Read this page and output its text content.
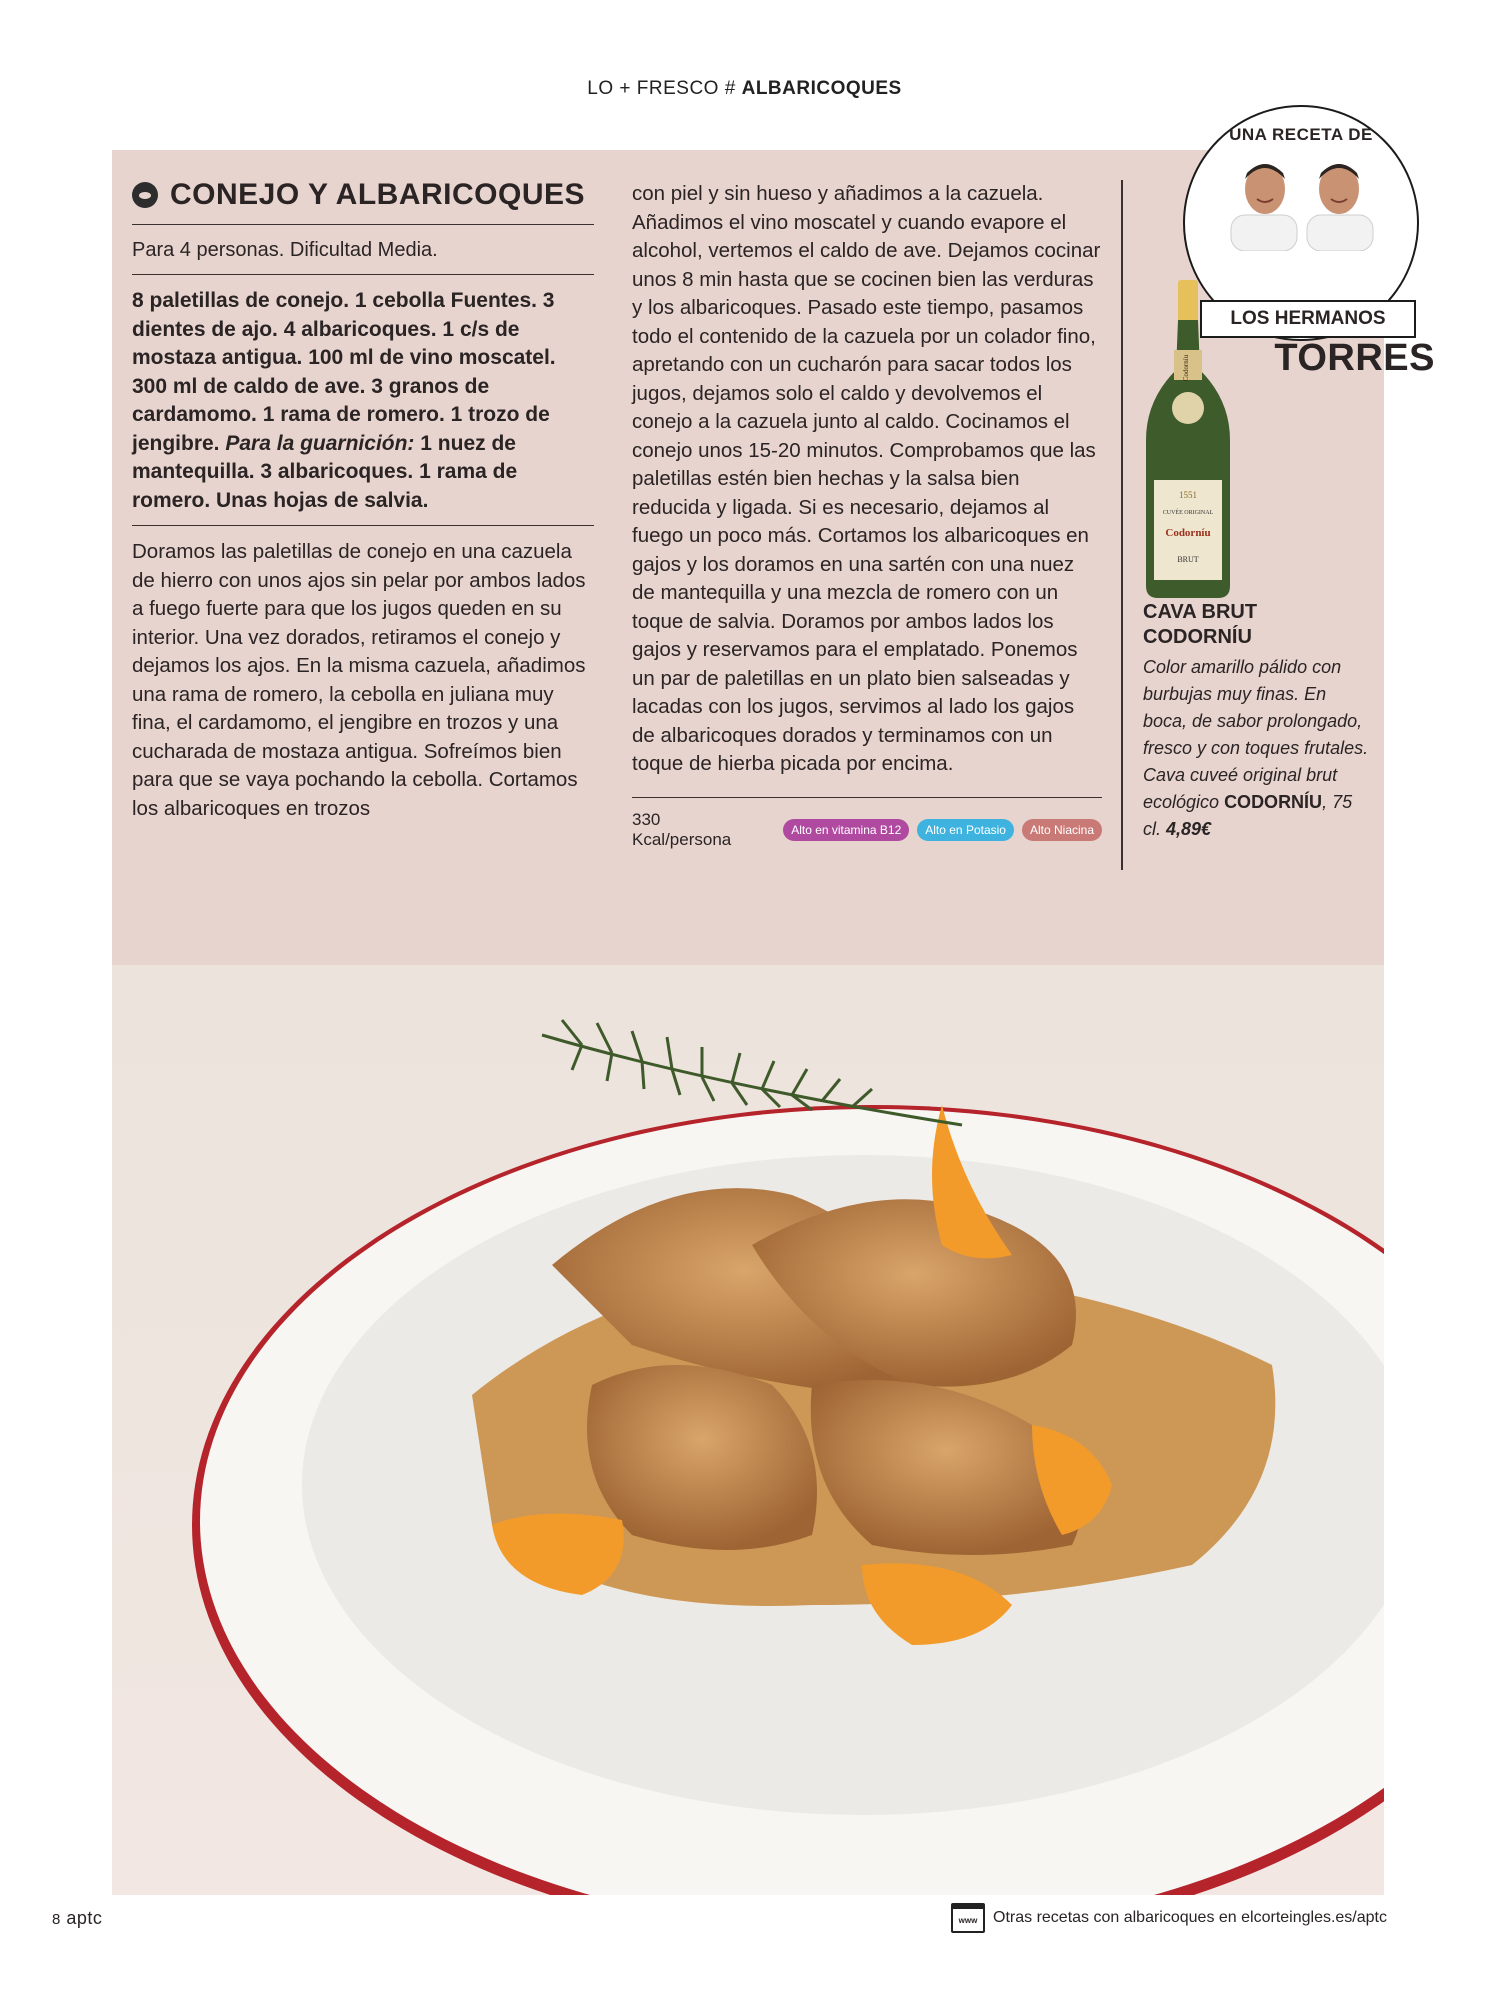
LO + FRESCO # ALBARICOQUES
CONEJO Y ALBARICOQUES
Para 4 personas. Dificultad Media.
8 paletillas de conejo. 1 cebolla Fuentes. 3 dientes de ajo. 4 albaricoques. 1 c/s de mostaza antigua. 100 ml de vino moscatel. 300 ml de caldo de ave. 3 granos de cardamomo. 1 rama de romero. 1 trozo de jengibre. Para la guarnición: 1 nuez de mantequilla. 3 albaricoques. 1 rama de romero. Unas hojas de salvia.
Doramos las paletillas de conejo en una cazuela de hierro con unos ajos sin pelar por ambos lados a fuego fuerte para que los jugos queden en su interior. Una vez dorados, retiramos el conejo y dejamos los ajos. En la misma cazuela, añadimos una rama de romero, la cebolla en juliana muy fina, el cardamomo, el jengibre en trozos y una cucharada de mostaza antigua. Sofreímos bien para que se vaya pochando la cebolla. Cortamos los albaricoques en trozos
con piel y sin hueso y añadimos a la cazuela. Añadimos el vino moscatel y cuando evapore el alcohol, vertemos el caldo de ave. Dejamos cocinar unos 8 min hasta que se cocinen bien las verduras y los albaricoques. Pasado este tiempo, pasamos todo el contenido de la cazuela por un colador fino, apretando con un cucharón para sacar todos los jugos, dejamos solo el caldo y devolvemos el conejo a la cazuela junto al caldo. Cocinamos el conejo unos 15-20 minutos. Comprobamos que las paletillas estén bien hechas y la salsa bien reducida y ligada. Si es necesario, dejamos al fuego un poco más. Cortamos los albaricoques en gajos y los doramos en una sartén con una nuez de mantequilla y una mezcla de romero con un toque de salvia. Doramos por ambos lados los gajos y reservamos para el emplatado. Ponemos un par de paletillas en un plato bien salseadas y lacadas con los jugos, servimos al lado los gajos de albaricoques dorados y terminamos con un toque de hierba picada por encima.
330 Kcal/persona	Alto en vitamina B12	Alto en Potasio	Alto Niacina
UNA RECETA DE
LOS HERMANOS
TORRES
Codorníu
1551
CUVÉE ORIGINAL
Codorníu
BRUT
CAVA BRUT
CODORNÍU
Color amarillo pálido con burbujas muy finas. En boca, de sabor prolongado, fresco y con toques frutales. Cava cuveé original brut ecológico CODORNÍU, 75 cl. 4,89€
8 aptc	www Otras recetas con albaricoques en elcorteingles.es/aptc
